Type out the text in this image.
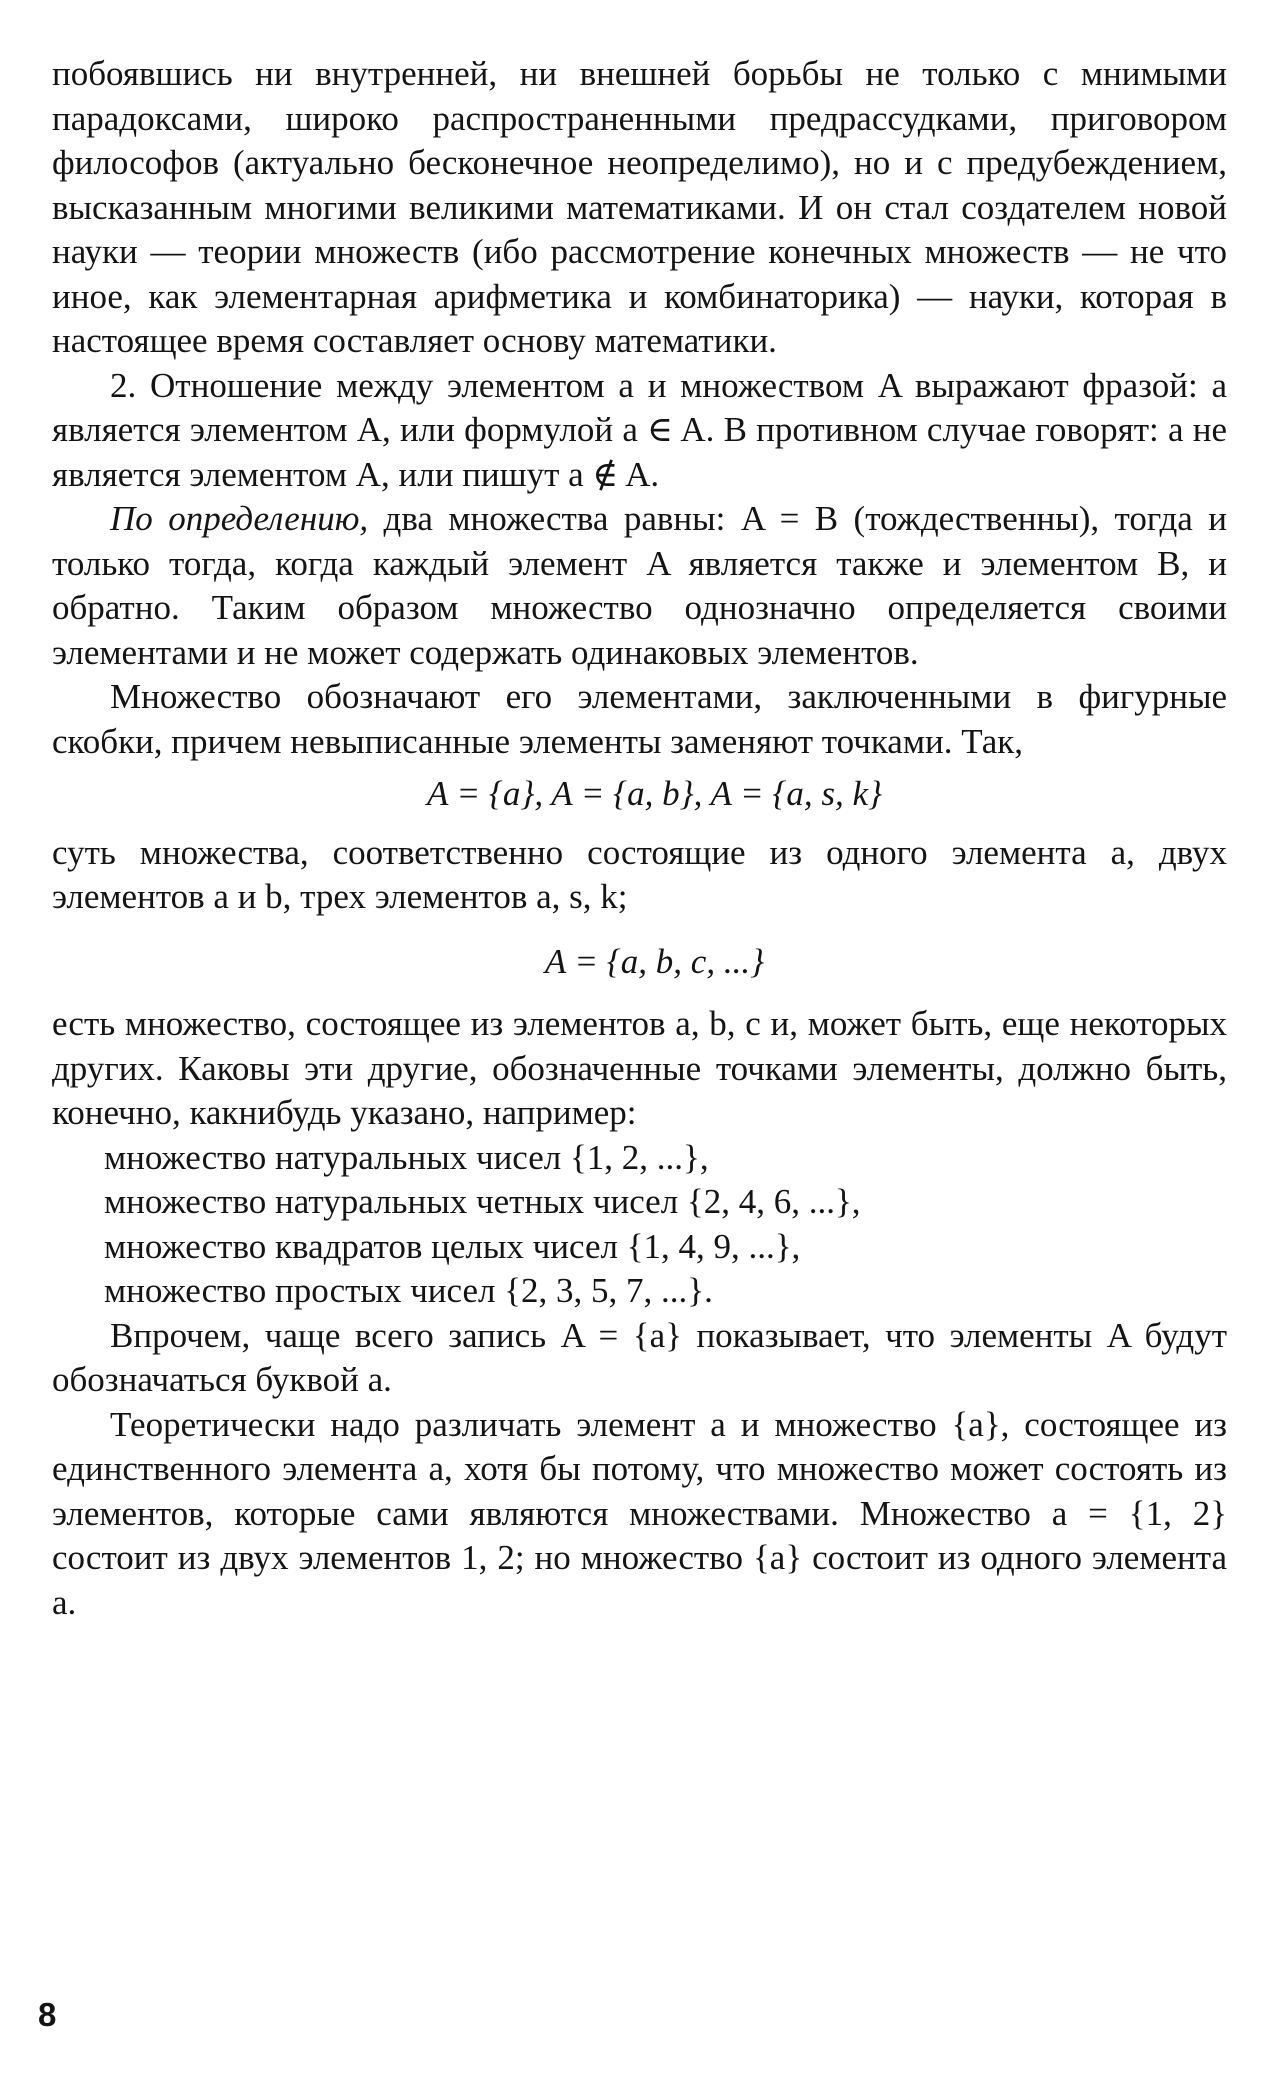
побоявшись ни внутренней, ни внешней борьбы не только с мнимыми парадоксами, широко распространенными предрассудками, приговором философов (актуально бесконечное неопределимо), но и с предубеждением, высказанным многими великими математиками. И он стал создателем новой науки — теории множеств (ибо рассмотрение конечных множеств — не что иное, как элементарная арифметика и комбинаторика) — науки, которая в настоящее время составляет основу математики.

2. Отношение между элементом a и множеством A выражают фразой: a является элементом A, или формулой a ∈ A. В противном случае говорят: a не является элементом A, или пишут a ∉ A.

По определению, два множества равны: A = B (тождественны), тогда и только тогда, когда каждый элемент A является также и элементом B, и обратно. Таким образом множество однозначно определяется своими элементами и не может содержать одинаковых элементов.

Множество обозначают его элементами, заключенными в фигурные скобки, причем невыписанные элементы заменяют точками. Так,

A = {a}, A = {a, b}, A = {a, s, k}

суть множества, соответственно состоящие из одного элемента a, двух элементов a и b, трех элементов a, s, k;

A = {a, b, c, ...}

есть множество, состоящее из элементов a, b, c и, может быть, еще некоторых других. Каковы эти другие, обозначенные точками элементы, должно быть, конечно, какнибудь указано, например:

множество натуральных чисел {1, 2, ...},
множество натуральных четных чисел {2, 4, 6, ...},
множество квадратов целых чисел {1, 4, 9, ...},
множество простых чисел {2, 3, 5, 7, ...}.

Впрочем, чаще всего запись A = {a} показывает, что элементы A будут обозначаться буквой a.

Теоретически надо различать элемент a и множество {a}, состоящее из единственного элемента a, хотя бы потому, что множество может состоять из элементов, которые сами являются множествами. Множество a = {1, 2} состоит из двух элементов 1, 2; но множество {a} состоит из одного элемента a.

8
